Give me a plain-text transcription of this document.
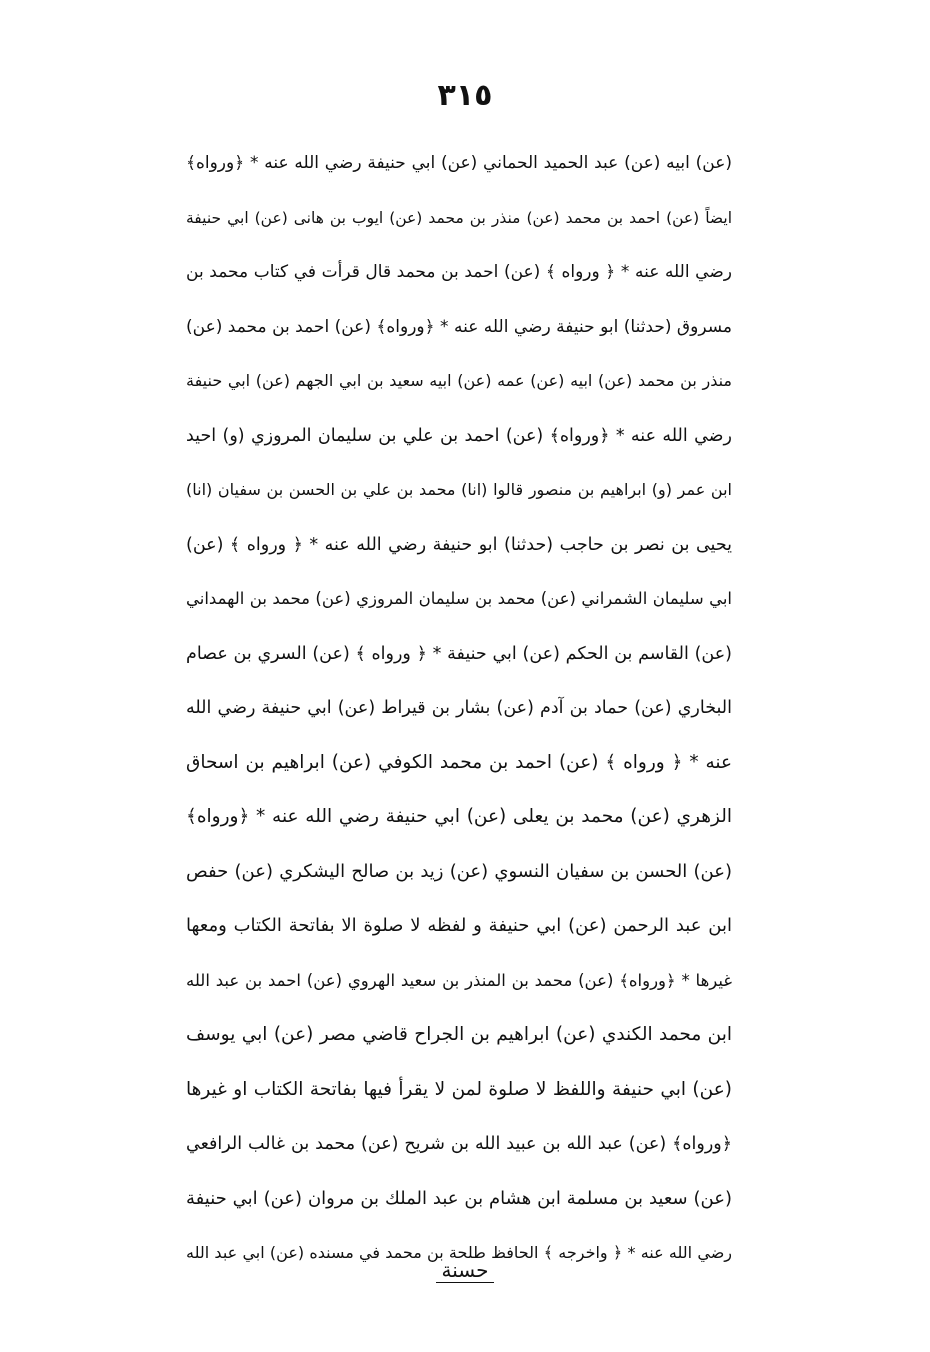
٣١٥
(عن) ابيه (عن) عبد الحميد الحماني (عن) ابي حنيفة رضي الله عنه * ﴿ورواه﴾
ايضاً (عن) احمد بن محمد (عن) منذر بن محمد (عن) ايوب بن هانى (عن) ابي حنيفة
رضي الله عنه * ﴿ ورواه ﴾ (عن) احمد بن محمد قال قرأت في كتاب محمد بن
مسروق (حدثنا) ابو حنيفة رضي الله عنه * ﴿ورواه﴾ (عن) احمد بن محمد (عن)
منذر بن محمد (عن) ابيه (عن) عمه (عن) ابيه سعيد بن ابي الجهم (عن) ابي حنيفة
رضي الله عنه * ﴿ورواه﴾ (عن) احمد بن علي بن سليمان المروزي (و) احيد
ابن عمر (و) ابراهيم بن منصور قالوا (انا) محمد بن علي بن الحسن بن سفيان (انا)
يحيى بن نصر بن حاجب (حدثنا) ابو حنيفة رضي الله عنه * ﴿ ورواه ﴾ (عن)
ابي سليمان الشمراني (عن) محمد بن سليمان المروزي (عن) محمد بن الهمداني
(عن) القاسم بن الحكم (عن) ابي حنيفة * ﴿ ورواه ﴾ (عن) السري بن عصام
البخاري (عن) حماد بن آدم (عن) بشار بن قيراط (عن) ابي حنيفة رضي الله
عنه * ﴿ ورواه ﴾ (عن) احمد بن محمد الكوفي (عن) ابراهيم بن اسحاق
الزهري (عن) محمد بن يعلى (عن) ابي حنيفة رضي الله عنه * ﴿ورواه﴾
(عن) الحسن بن سفيان النسوي (عن) زيد بن صالح اليشكري (عن) حفص
ابن عبد الرحمن (عن) ابي حنيفة و لفظه لا صلوة الا بفاتحة الكتاب ومعها
غيرها * ﴿ورواه﴾ (عن) محمد بن المنذر بن سعيد الهروي (عن) احمد بن عبد الله
ابن محمد الكندي (عن) ابراهيم بن الجراح قاضي مصر (عن) ابي يوسف
(عن) ابي حنيفة واللفظ لا صلوة لمن لا يقرأ فيها بفاتحة الكتاب او غيرها
﴿ورواه﴾ (عن) عبد الله بن عبيد الله بن شريح (عن) محمد بن غالب الرافعي
(عن) سعيد بن مسلمة ابن هشام بن عبد الملك بن مروان (عن) ابي حنيفة
رضي الله عنه * ﴿ واخرجه ﴾ الحافظ طلحة بن محمد في مسنده (عن) ابي عبد الله
حسنة
